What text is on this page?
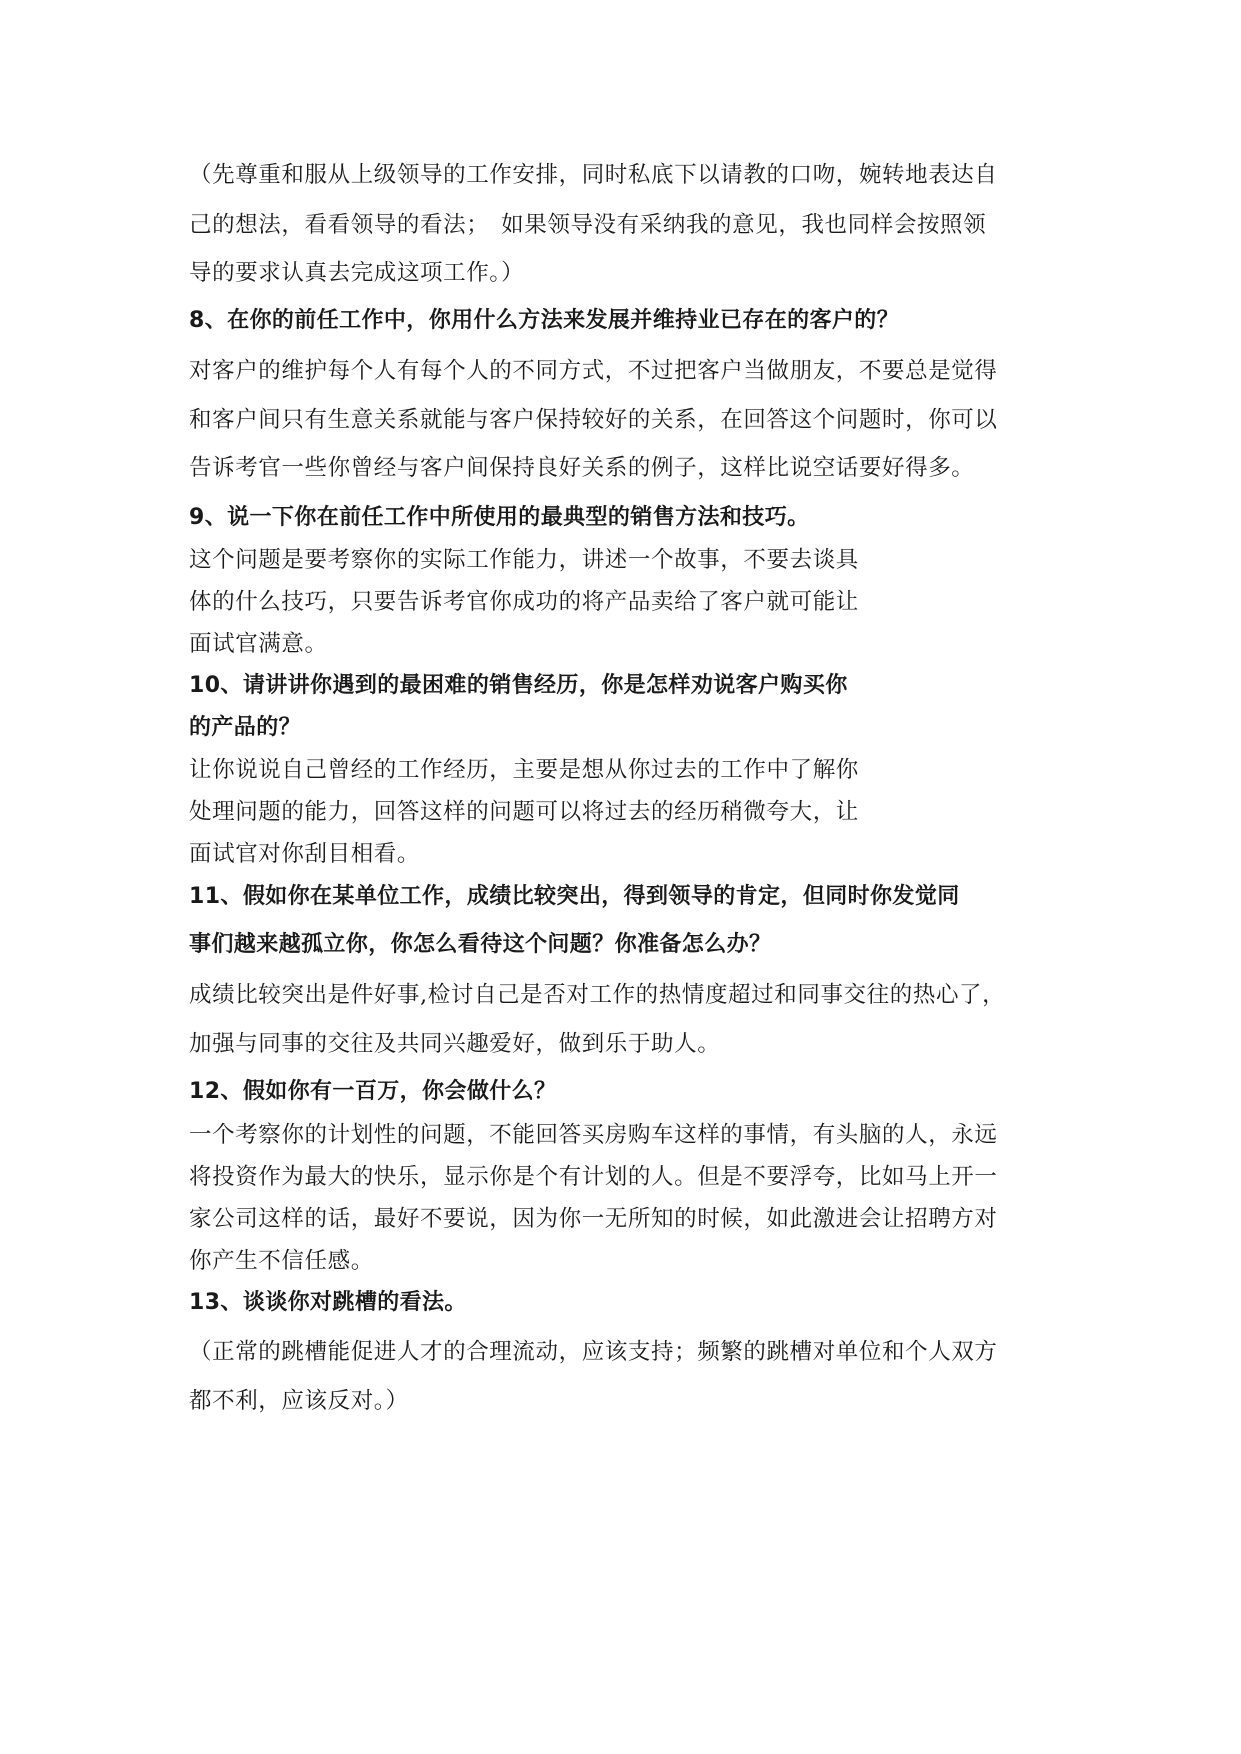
（先尊重和服从上级领导的工作安排，同时私底下以请教的口吻，婉转地表达自
己的想法，看看领导的看法；　如果领导没有采纳我的意见，我也同样会按照领
导的要求认真去完成这项工作。）
8、在你的前任工作中，你用什么方法来发展并维持业已存在的客户的？
对客户的维护每个人有每个人的不同方式，不过把客户当做朋友，不要总是觉得
和客户间只有生意关系就能与客户保持较好的关系，在回答这个问题时，你可以
告诉考官一些你曾经与客户间保持良好关系的例子，这样比说空话要好得多。
9、说一下你在前任工作中所使用的最典型的销售方法和技巧。
这个问题是要考察你的实际工作能力，讲述一个故事，不要去谈具
体的什么技巧，只要告诉考官你成功的将产品卖给了客户就可能让
面试官满意。
10、请讲讲你遇到的最困难的销售经历，你是怎样劝说客户购买你
的产品的？
让你说说自己曾经的工作经历，主要是想从你过去的工作中了解你
处理问题的能力，回答这样的问题可以将过去的经历稍微夸大，让
面试官对你刮目相看。
11、假如你在某单位工作，成绩比较突出，得到领导的肯定，但同时你发觉同
事们越来越孤立你，你怎么看待这个问题？你准备怎么办？
成绩比较突出是件好事,检讨自己是否对工作的热情度超过和同事交往的热心了，
加强与同事的交往及共同兴趣爱好，做到乐于助人。
12、假如你有一百万，你会做什么？
一个考察你的计划性的问题，不能回答买房购车这样的事情，有头脑的人，永远
将投资作为最大的快乐，显示你是个有计划的人。但是不要浮夸，比如马上开一
家公司这样的话，最好不要说，因为你一无所知的时候，如此激进会让招聘方对
你产生不信任感。
13、谈谈你对跳槽的看法。
（正常的跳槽能促进人才的合理流动，应该支持；频繁的跳槽对单位和个人双方
都不利，应该反对。）
